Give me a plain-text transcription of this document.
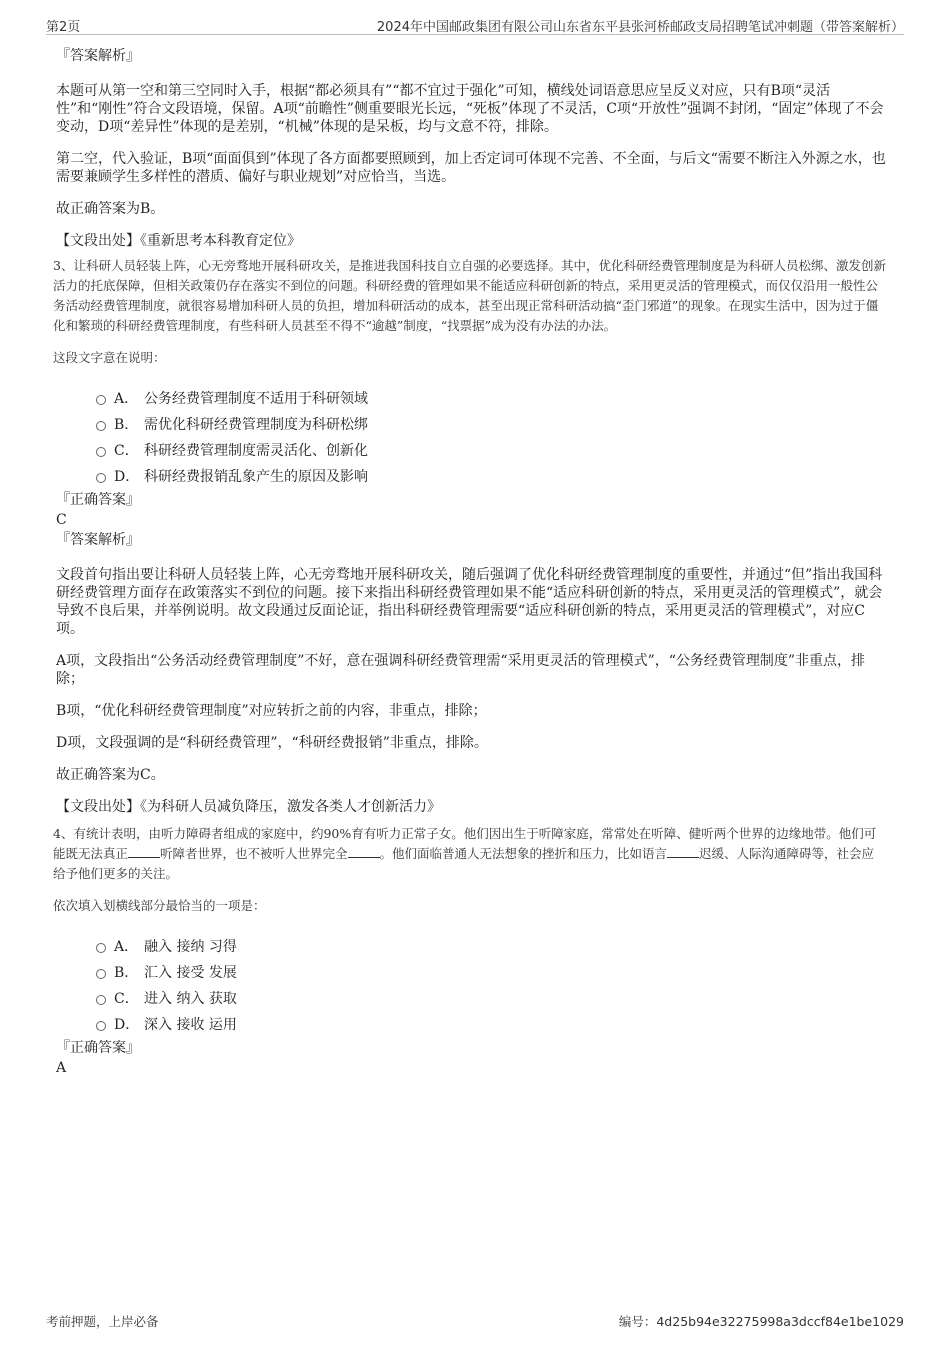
第2页	2024年中国邮政集团有限公司山东省东平县张河桥邮政支局招聘笔试冲刺题（带答案解析）

『答案解析』

本题可从第一空和第三空同时入手，根据“都必须具有”“都不宜过于强化”可知，横线处词语意思应呈反义对应，只有B项“灵活性”和“刚性”符合文段语境，保留。A项“前瞻性”侧重要眼光长远，“死板”体现了不灵活，C项“开放性”强调不封闭，“固定”体现了不会变动，D项“差异性”体现的是差别，“机械”体现的是呆板，均与文意不符，排除。

第二空，代入验证，B项“面面俱到”体现了各方面都要照顾到，加上否定词可体现不完善、不全面，与后文“需要不断注入外源之水，也需要兼顾学生多样性的潜质、偏好与职业规划”对应恰当，当选。

故正确答案为B。

【文段出处】《重新思考本科教育定位》

3、让科研人员轻装上阵，心无旁骛地开展科研攻关，是推进我国科技自立自强的必要选择。其中，优化科研经费管理制度是为科研人员松绑、激发创新活力的托底保障，但相关政策仍存在落实不到位的问题。科研经费的管理如果不能适应科研创新的特点，采用更灵活的管理模式，而仅仅沿用一般性公务活动经费管理制度，就很容易增加科研人员的负担，增加科研活动的成本，甚至出现正常科研活动搞“歪门邪道”的现象。在现实生活中，因为过于僵化和繁琐的科研经费管理制度，有些科研人员甚至不得不“逾越”制度，“找票据”成为没有办法的办法。

这段文字意在说明：

A． 公务经费管理制度不适用于科研领域
B． 需优化科研经费管理制度为科研松绑
C． 科研经费管理制度需灵活化、创新化
D． 科研经费报销乱象产生的原因及影响

『正确答案』

C

『答案解析』

文段首句指出要让科研人员轻装上阵，心无旁骛地开展科研攻关，随后强调了优化科研经费管理制度的重要性，并通过“但”指出我国科研经费管理方面存在政策落实不到位的问题。接下来指出科研经费管理如果不能“适应科研创新的特点，采用更灵活的管理模式”，就会导致不良后果，并举例说明。故文段通过反面论证，指出科研经费管理需要“适应科研创新的特点，采用更灵活的管理模式”，对应C项。

A项，文段指出“公务活动经费管理制度”不好，意在强调科研经费管理需“采用更灵活的管理模式”，“公务经费管理制度”非重点，排除；

B项，“优化科研经费管理制度”对应转折之前的内容，非重点，排除；

D项，文段强调的是“科研经费管理”，“科研经费报销”非重点，排除。

故正确答案为C。

【文段出处】《为科研人员减负降压，激发各类人才创新活力》

4、有统计表明，由听力障碍者组成的家庭中，约90%育有听力正常子女。他们因出生于听障家庭，常常处在听障、健听两个世界的边缘地带。他们可能既无法真正	听障者世界，也不被听人世界完全	。他们面临普通人无法想象的挫折和压力，比如语言	迟缓、人际沟通障碍等，社会应给予他们更多的关注。

依次填入划横线部分最恰当的一项是：

A． 融入 接纳 习得
B． 汇入 接受 发展
C． 进入 纳入 获取
D． 深入 接收 运用

『正确答案』

A

考前押题，上岸必备	编号：4d25b94e32275998a3dccf84e1be1029
